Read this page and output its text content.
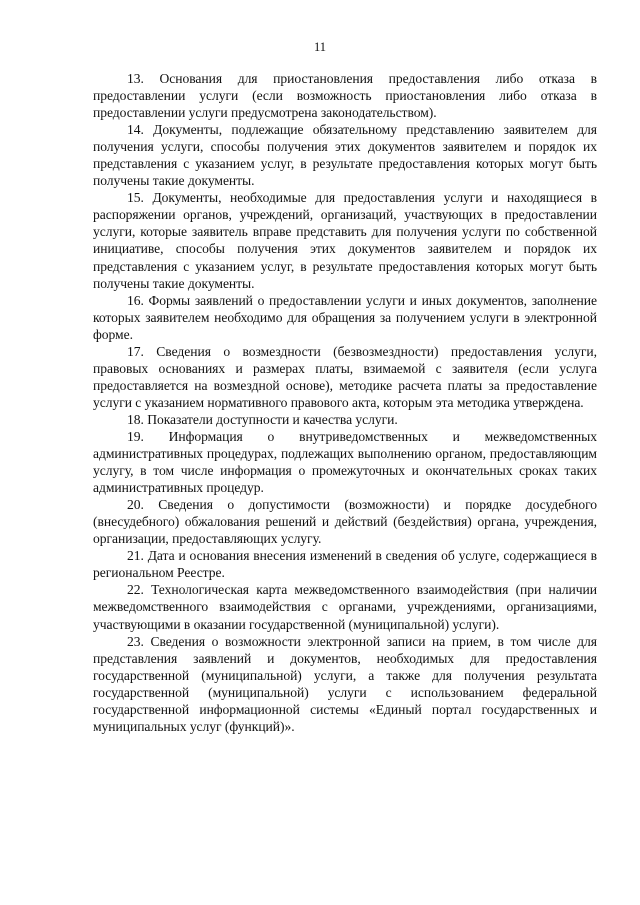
11

13. Основания для приостановления предоставления либо отказа в предоставлении услуги (если возможность приостановления либо отказа в предоставлении услуги предусмотрена законодательством).

14. Документы, подлежащие обязательному представлению заявителем для получения услуги, способы получения этих документов заявителем и порядок их представления с указанием услуг, в результате предоставления которых могут быть получены такие документы.

15. Документы, необходимые для предоставления услуги и находящиеся в распоряжении органов, учреждений, организаций, участвующих в предоставлении услуги, которые заявитель вправе представить для получения услуги по собственной инициативе, способы получения этих документов заявителем и порядок их представления с указанием услуг, в результате предоставления которых могут быть получены такие документы.

16. Формы заявлений о предоставлении услуги и иных документов, заполнение которых заявителем необходимо для обращения за получением услуги в электронной форме.

17. Сведения о возмездности (безвозмездности) предоставления услуги, правовых основаниях и размерах платы, взимаемой с заявителя (если услуга предоставляется на возмездной основе), методике расчета платы за предоставление услуги с указанием нормативного правового акта, которым эта методика утверждена.

18. Показатели доступности и качества услуги.

19. Информация о внутриведомственных и межведомственных административных процедурах, подлежащих выполнению органом, предоставляющим услугу, в том числе информация о промежуточных и окончательных сроках таких административных процедур.

20. Сведения о допустимости (возможности) и порядке досудебного (внесудебного) обжалования решений и действий (бездействия) органа, учреждения, организации, предоставляющих услугу.

21. Дата и основания внесения изменений в сведения об услуге, содержащиеся в региональном Реестре.

22. Технологическая карта межведомственного взаимодействия (при наличии межведомственного взаимодействия с органами, учреждениями, организациями, участвующими в оказании государственной (муниципальной) услуги).

23. Сведения о возможности электронной записи на прием, в том числе для представления заявлений и документов, необходимых для предоставления государственной (муниципальной) услуги, а также для получения результата государственной (муниципальной) услуги с использованием федеральной государственной информационной системы «Единый портал государственных и муниципальных услуг (функций)».
